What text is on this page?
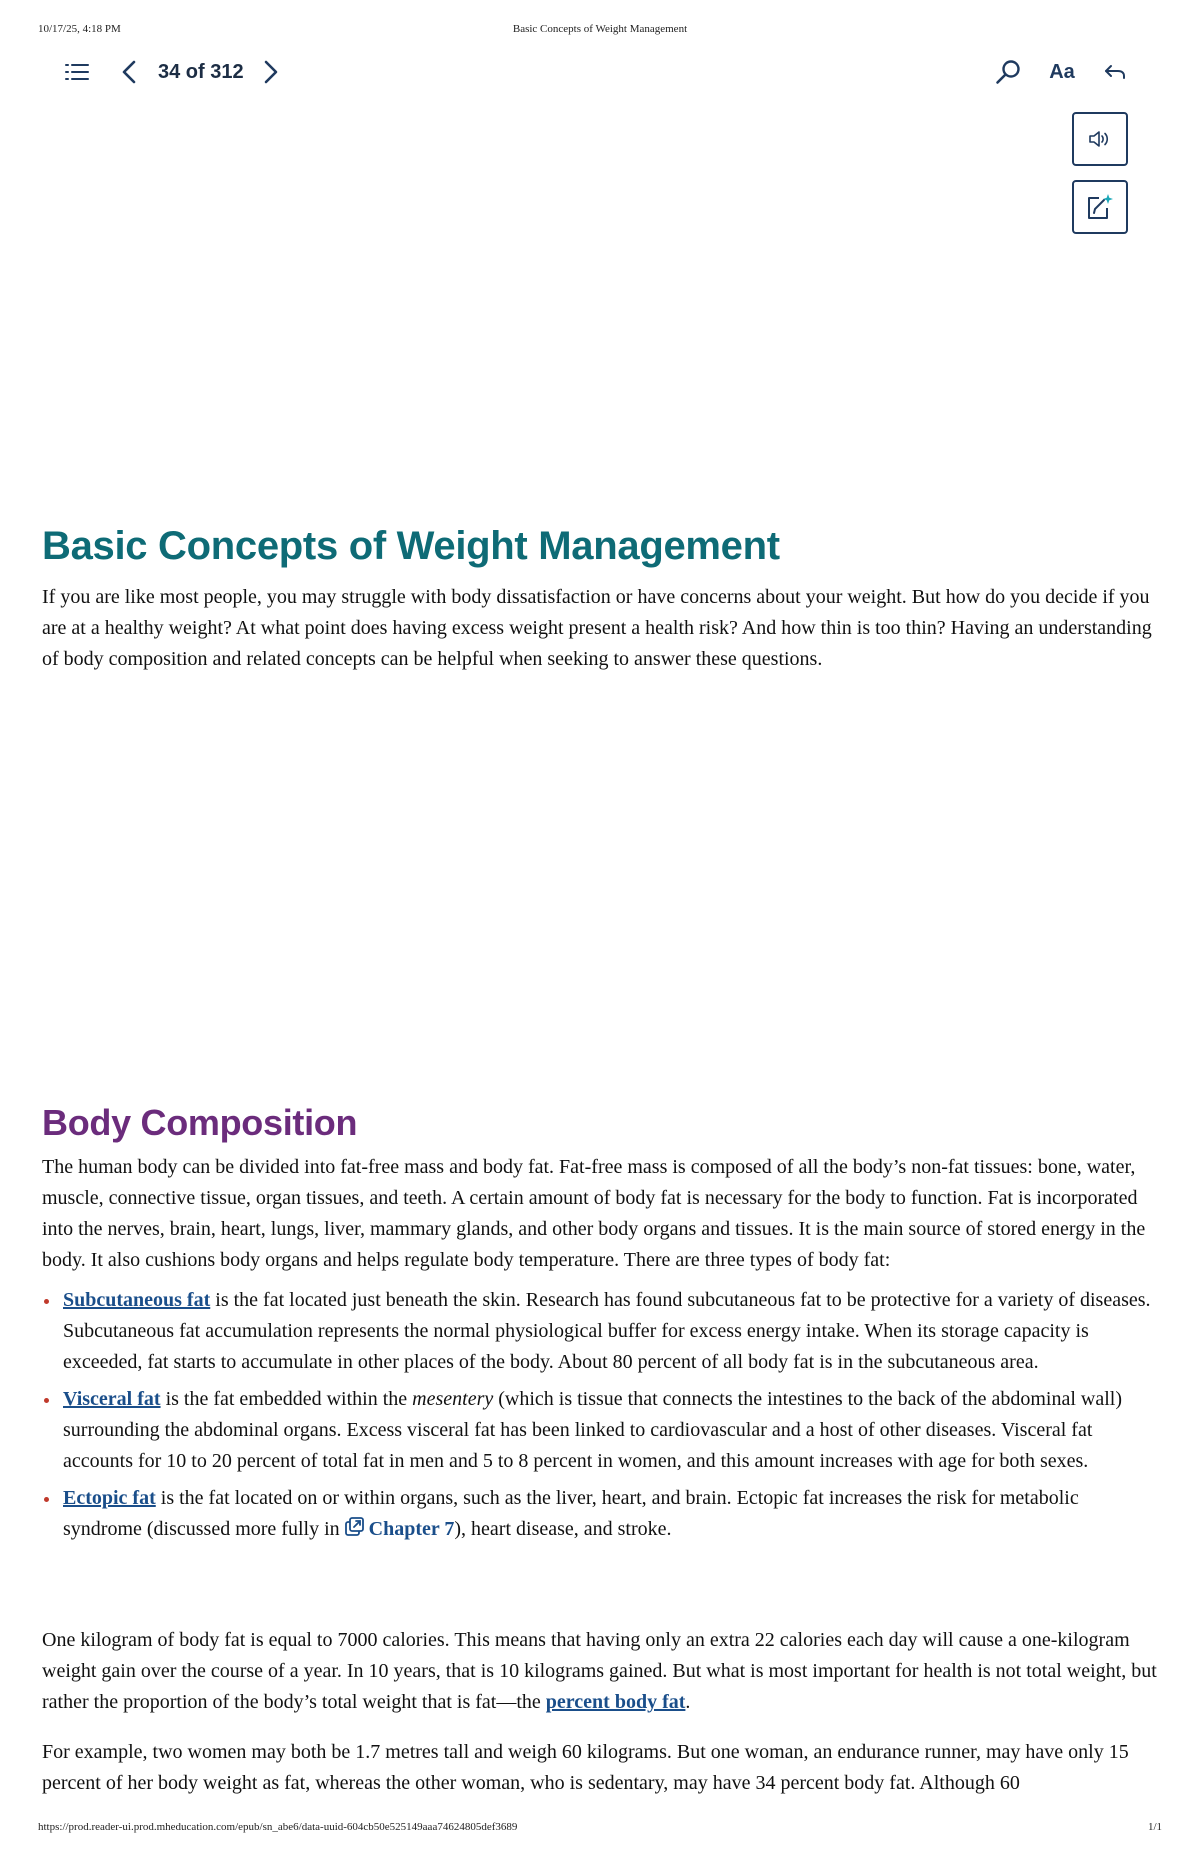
10/17/25, 4:18 PM	Basic Concepts of Weight Management
34 of 312	Aa
Basic Concepts of Weight Management

If you are like most people, you may struggle with body dissatisfaction or have concerns about your weight. But how do you decide if you are at a healthy weight? At what point does having excess weight present a health risk? And how thin is too thin? Having an understanding of body composition and related concepts can be helpful when seeking to answer these questions.

Body Composition

The human body can be divided into fat-free mass and body fat. Fat-free mass is composed of all the body’s non-fat tissues: bone, water, muscle, connective tissue, organ tissues, and teeth. A certain amount of body fat is necessary for the body to function. Fat is incorporated into the nerves, brain, heart, lungs, liver, mammary glands, and other body organs and tissues. It is the main source of stored energy in the body. It also cushions body organs and helps regulate body temperature. There are three types of body fat:

Subcutaneous fat is the fat located just beneath the skin. Research has found subcutaneous fat to be protective for a variety of diseases. Subcutaneous fat accumulation represents the normal physiological buffer for excess energy intake. When its storage capacity is exceeded, fat starts to accumulate in other places of the body. About 80 percent of all body fat is in the subcutaneous area.
Visceral fat is the fat embedded within the mesentery (which is tissue that connects the intestines to the back of the abdominal wall) surrounding the abdominal organs. Excess visceral fat has been linked to cardiovascular and a host of other diseases. Visceral fat accounts for 10 to 20 percent of total fat in men and 5 to 8 percent in women, and this amount increases with age for both sexes.
Ectopic fat is the fat located on or within organs, such as the liver, heart, and brain. Ectopic fat increases the risk for metabolic syndrome (discussed more fully in Chapter 7), heart disease, and stroke.

One kilogram of body fat is equal to 7000 calories. This means that having only an extra 22 calories each day will cause a one-kilogram weight gain over the course of a year. In 10 years, that is 10 kilograms gained. But what is most important for health is not total weight, but rather the proportion of the body’s total weight that is fat—the percent body fat.

For example, two women may both be 1.7 metres tall and weigh 60 kilograms. But one woman, an endurance runner, may have only 15 percent of her body weight as fat, whereas the other woman, who is sedentary, may have 34 percent body fat. Although 60

https://prod.reader-ui.prod.mheducation.com/epub/sn_abe6/data-uuid-604cb50e525149aaa74624805def3689	1/1
